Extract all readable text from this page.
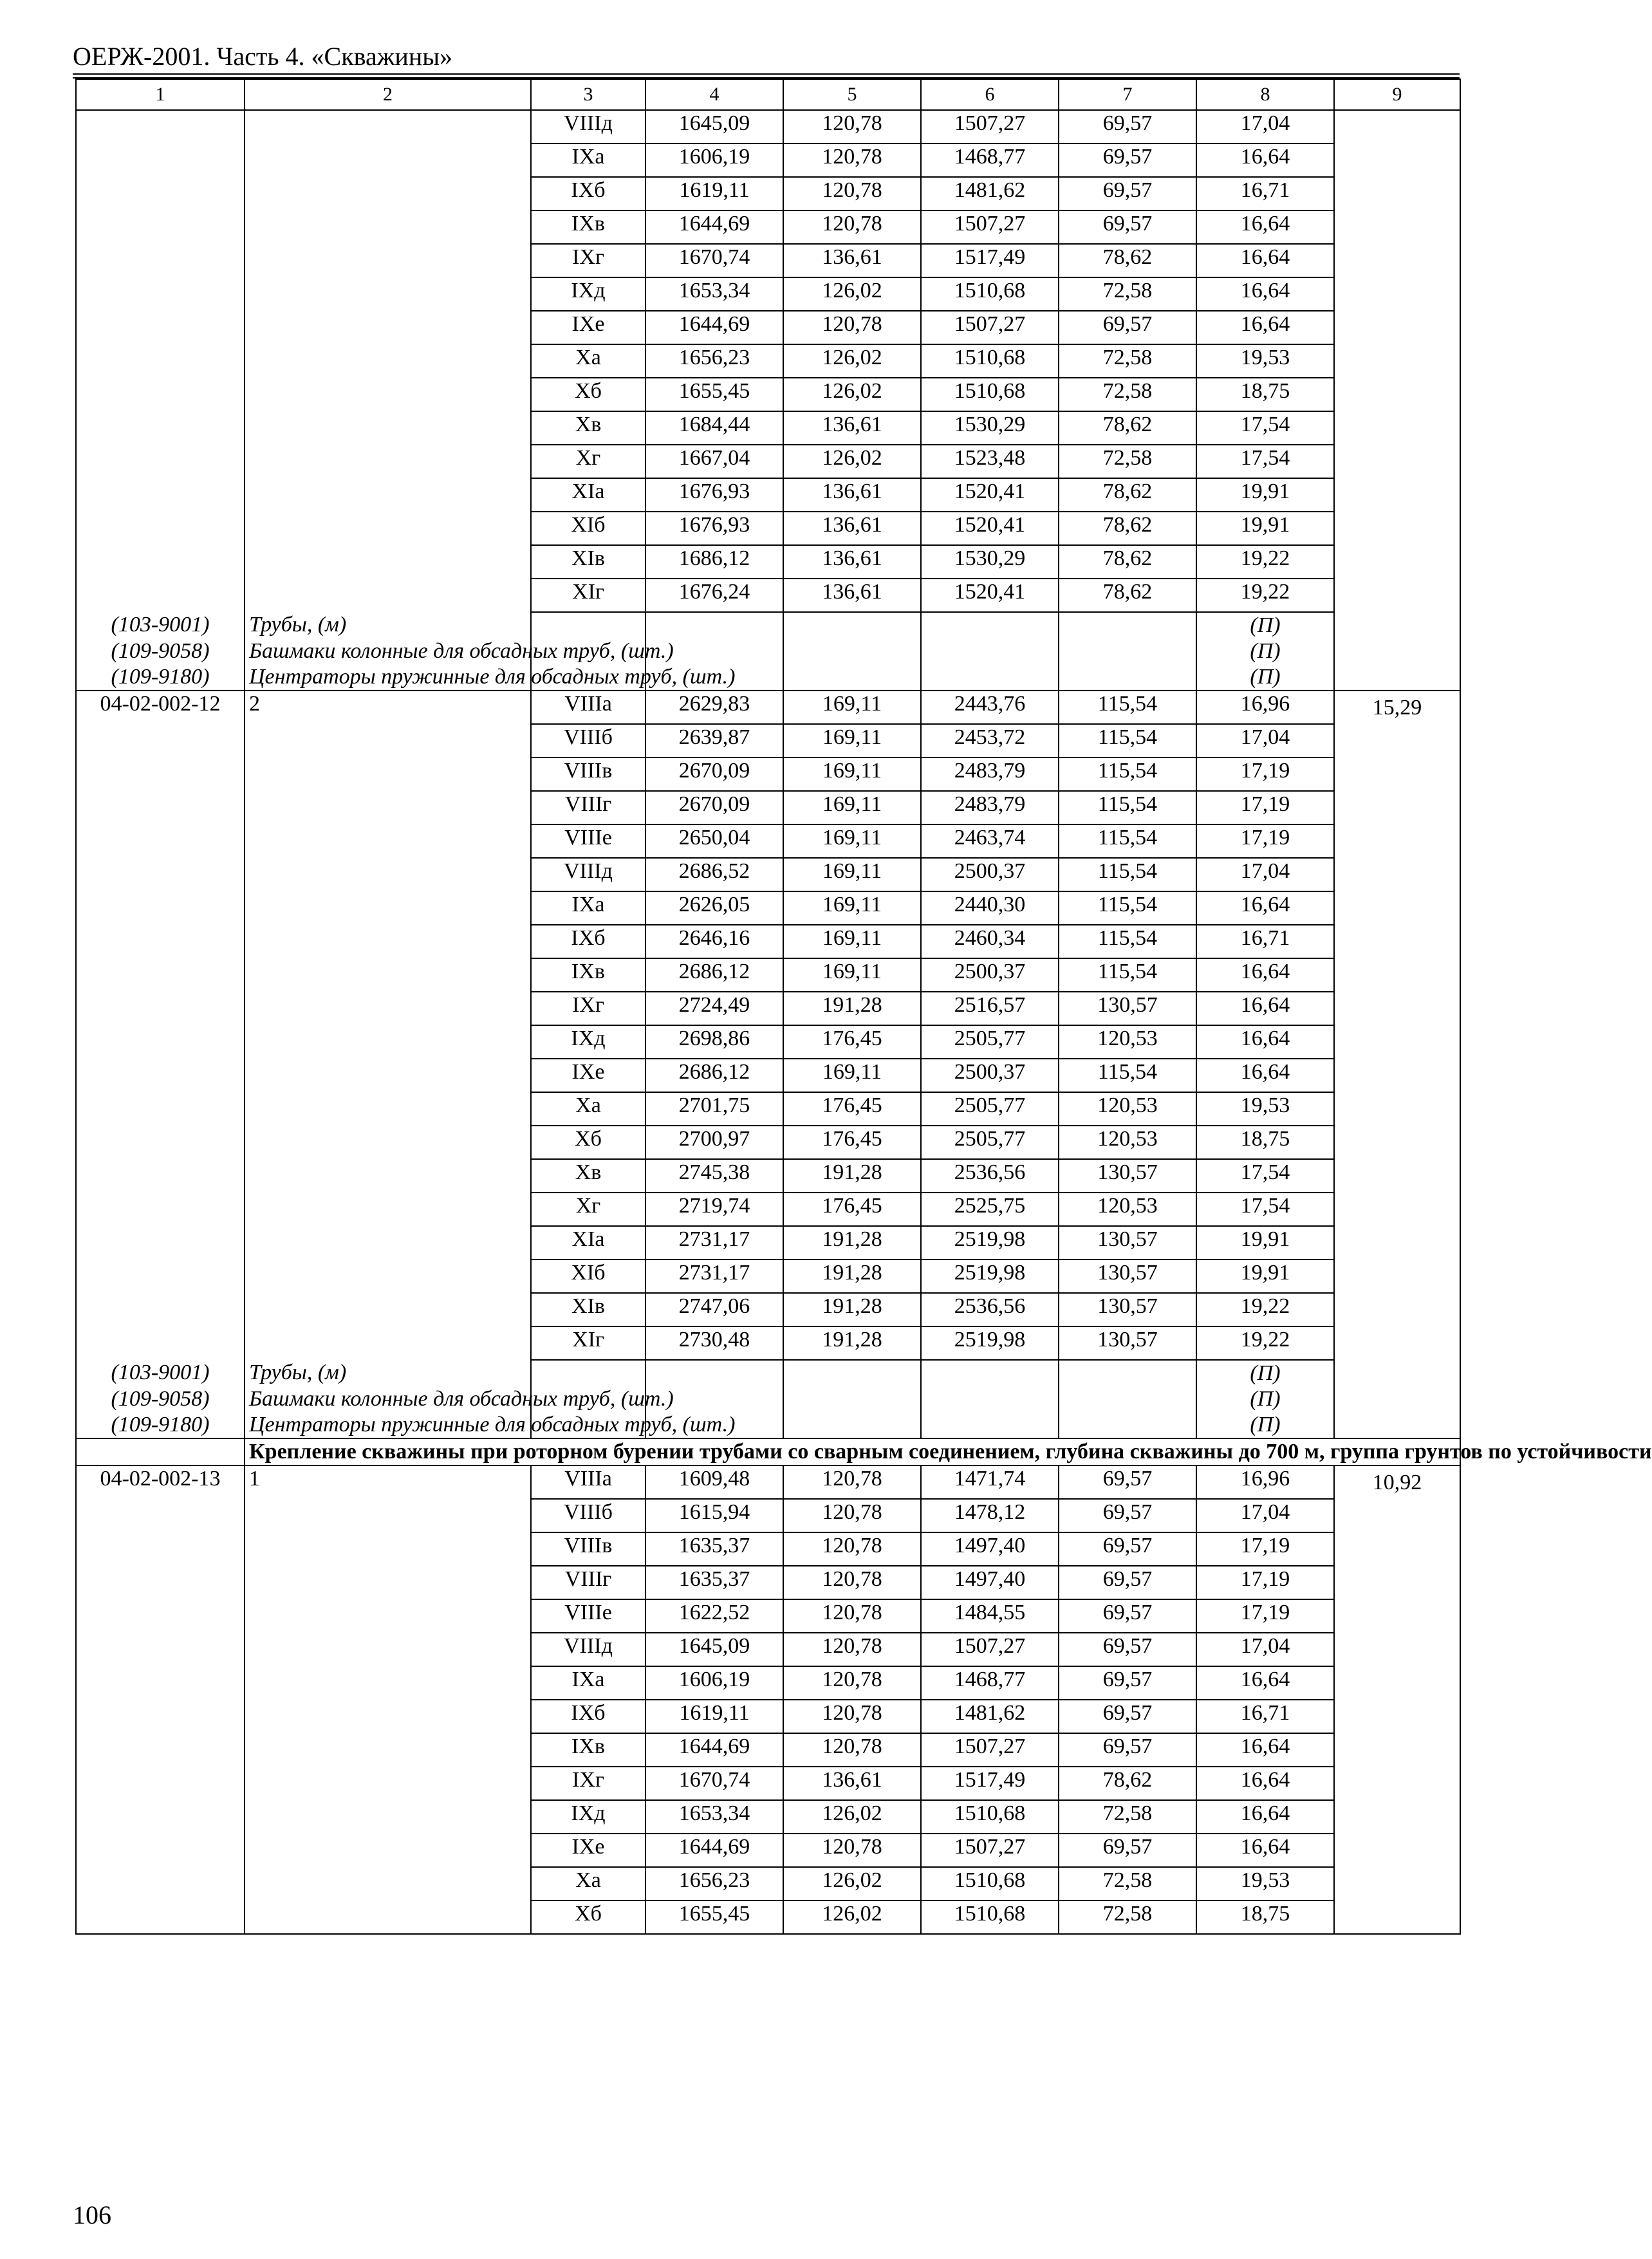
ОЕРЖ-2001. Часть 4. «Скважины»
1	2	3	4	5	6	7	8	9
		VIIIд	1645,09	120,78	1507,27	69,57	17,04	
		IXа	1606,19	120,78	1468,77	69,57	16,64	
		IXб	1619,11	120,78	1481,62	69,57	16,71	
		IXв	1644,69	120,78	1507,27	69,57	16,64	
		IXг	1670,74	136,61	1517,49	78,62	16,64	
		IXд	1653,34	126,02	1510,68	72,58	16,64	
		IXе	1644,69	120,78	1507,27	69,57	16,64	
		Xа	1656,23	126,02	1510,68	72,58	19,53	
		Xб	1655,45	126,02	1510,68	72,58	18,75	
		Xв	1684,44	136,61	1530,29	78,62	17,54	
		Xг	1667,04	126,02	1523,48	72,58	17,54	
		XIа	1676,93	136,61	1520,41	78,62	19,91	
		XIб	1676,93	136,61	1520,41	78,62	19,91	
		XIв	1686,12	136,61	1530,29	78,62	19,22	
		XIг	1676,24	136,61	1520,41	78,62	19,22	
(103-9001)	Трубы, (м)						(П)	
(109-9058)	Башмаки колонные для обсадных труб, (шт.)						(П)	
(109-9180)	Центраторы пружинные для обсадных труб, (шт.)						(П)	
04-02-002-12	2	VIIIа	2629,83	169,11	2443,76	115,54	16,96	15,29
		VIIIб	2639,87	169,11	2453,72	115,54	17,04	
		VIIIв	2670,09	169,11	2483,79	115,54	17,19	
		VIIIг	2670,09	169,11	2483,79	115,54	17,19	
		VIIIе	2650,04	169,11	2463,74	115,54	17,19	
		VIIIд	2686,52	169,11	2500,37	115,54	17,04	
		IXа	2626,05	169,11	2440,30	115,54	16,64	
		IXб	2646,16	169,11	2460,34	115,54	16,71	
		IXв	2686,12	169,11	2500,37	115,54	16,64	
		IXг	2724,49	191,28	2516,57	130,57	16,64	
		IXд	2698,86	176,45	2505,77	120,53	16,64	
		IXе	2686,12	169,11	2500,37	115,54	16,64	
		Xа	2701,75	176,45	2505,77	120,53	19,53	
		Xб	2700,97	176,45	2505,77	120,53	18,75	
		Xв	2745,38	191,28	2536,56	130,57	17,54	
		Xг	2719,74	176,45	2525,75	120,53	17,54	
		XIа	2731,17	191,28	2519,98	130,57	19,91	
		XIб	2731,17	191,28	2519,98	130,57	19,91	
		XIв	2747,06	191,28	2536,56	130,57	19,22	
		XIг	2730,48	191,28	2519,98	130,57	19,22	
(103-9001)	Трубы, (м)						(П)	
(109-9058)	Башмаки колонные для обсадных труб, (шт.)						(П)	
(109-9180)	Центраторы пружинные для обсадных труб, (шт.)						(П)	
	Крепление скважины при роторном бурении трубами со сварным соединением, глубина скважины до 700 м, группа грунтов по устойчивости							
04-02-002-13	1	VIIIа	1609,48	120,78	1471,74	69,57	16,96	10,92
		VIIIб	1615,94	120,78	1478,12	69,57	17,04	
		VIIIв	1635,37	120,78	1497,40	69,57	17,19	
		VIIIг	1635,37	120,78	1497,40	69,57	17,19	
		VIIIе	1622,52	120,78	1484,55	69,57	17,19	
		VIIIд	1645,09	120,78	1507,27	69,57	17,04	
		IXа	1606,19	120,78	1468,77	69,57	16,64	
		IXб	1619,11	120,78	1481,62	69,57	16,71	
		IXв	1644,69	120,78	1507,27	69,57	16,64	
		IXг	1670,74	136,61	1517,49	78,62	16,64	
		IXд	1653,34	126,02	1510,68	72,58	16,64	
		IXе	1644,69	120,78	1507,27	69,57	16,64	
		Xа	1656,23	126,02	1510,68	72,58	19,53	
		Xб	1655,45	126,02	1510,68	72,58	18,75	
106
